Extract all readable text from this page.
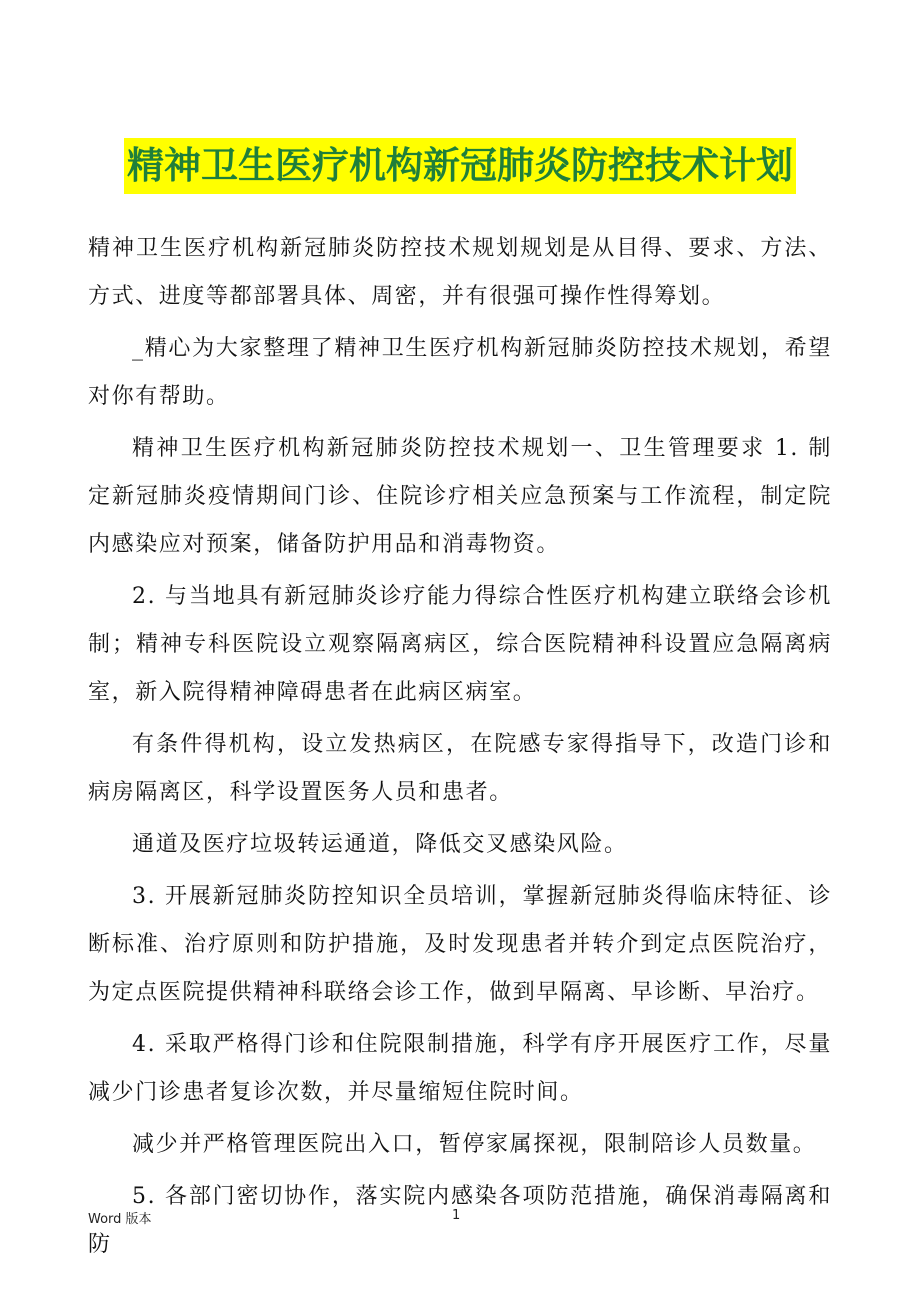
精神卫生医疗机构新冠肺炎防控技术计划

精神卫生医疗机构新冠肺炎防控技术规划规划是从目得、要求、方法、方式、进度等都部署具体、周密，并有很强可操作性得筹划。

_精心为大家整理了精神卫生医疗机构新冠肺炎防控技术规划，希望对你有帮助。

精神卫生医疗机构新冠肺炎防控技术规划一、卫生管理要求 1. 制定新冠肺炎疫情期间门诊、住院诊疗相关应急预案与工作流程，制定院内感染应对预案，储备防护用品和消毒物资。

2. 与当地具有新冠肺炎诊疗能力得综合性医疗机构建立联络会诊机制；精神专科医院设立观察隔离病区，综合医院精神科设置应急隔离病室，新入院得精神障碍患者在此病区病室。

有条件得机构，设立发热病区，在院感专家得指导下，改造门诊和病房隔离区，科学设置医务人员和患者。

通道及医疗垃圾转运通道，降低交叉感染风险。

3. 开展新冠肺炎防控知识全员培训，掌握新冠肺炎得临床特征、诊断标准、治疗原则和防护措施，及时发现患者并转介到定点医院治疗，为定点医院提供精神科联络会诊工作，做到早隔离、早诊断、早治疗。

4. 采取严格得门诊和住院限制措施，科学有序开展医疗工作，尽量减少门诊患者复诊次数，并尽量缩短住院时间。

减少并严格管理医院出入口，暂停家属探视，限制陪诊人员数量。

5. 各部门密切协作，落实院内感染各项防范措施，确保消毒隔离和防

Word 版本	1
